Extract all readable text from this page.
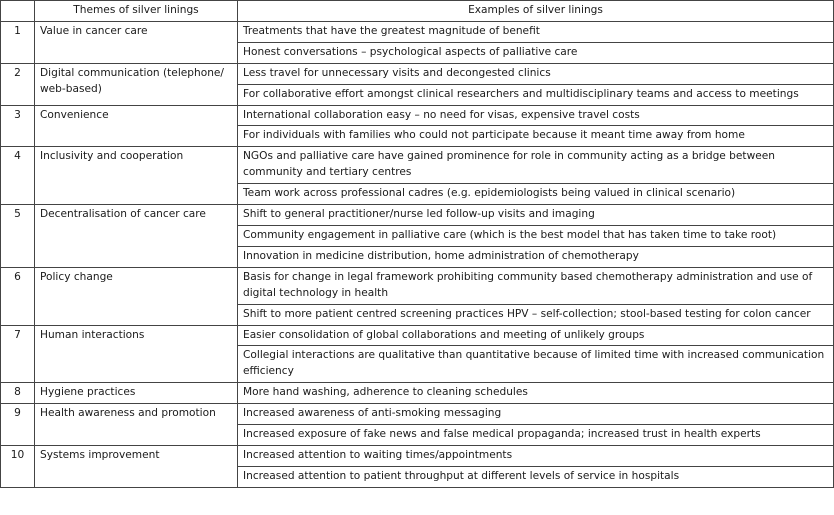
	Themes of silver linings	Examples of silver linings
1	Value in cancer care	Treatments that have the greatest magnitude of benefit
		Honest conversations – psychological aspects of palliative care
2	Digital communication (telephone/ web-based)	Less travel for unnecessary visits and decongested clinics
		For collaborative effort amongst clinical researchers and multidisciplinary teams and access to meetings
3	Convenience	International collaboration easy – no need for visas, expensive travel costs
		For individuals with families who could not participate because it meant time away from home
4	Inclusivity and cooperation	NGOs and palliative care have gained prominence for role in community acting as a bridge between community and tertiary centres
		Team work across professional cadres (e.g. epidemiologists being valued in clinical scenario)
5	Decentralisation of cancer care	Shift to general practitioner/nurse led follow-up visits and imaging
		Community engagement in palliative care (which is the best model that has taken time to take root)
		Innovation in medicine distribution, home administration of chemotherapy
6	Policy change	Basis for change in legal framework prohibiting community based chemotherapy administration and use of digital technology in health
		Shift to more patient centred screening practices HPV – self-collection; stool-based testing for colon cancer
7	Human interactions	Easier consolidation of global collaborations and meeting of unlikely groups
		Collegial interactions are qualitative than quantitative because of limited time with increased communication efficiency
8	Hygiene practices	More hand washing, adherence to cleaning schedules
9	Health awareness and promotion	Increased awareness of anti-smoking messaging
		Increased exposure of fake news and false medical propaganda; increased trust in health experts
10	Systems improvement	Increased attention to waiting times/appointments
		Increased attention to patient throughput at different levels of service in hospitals
